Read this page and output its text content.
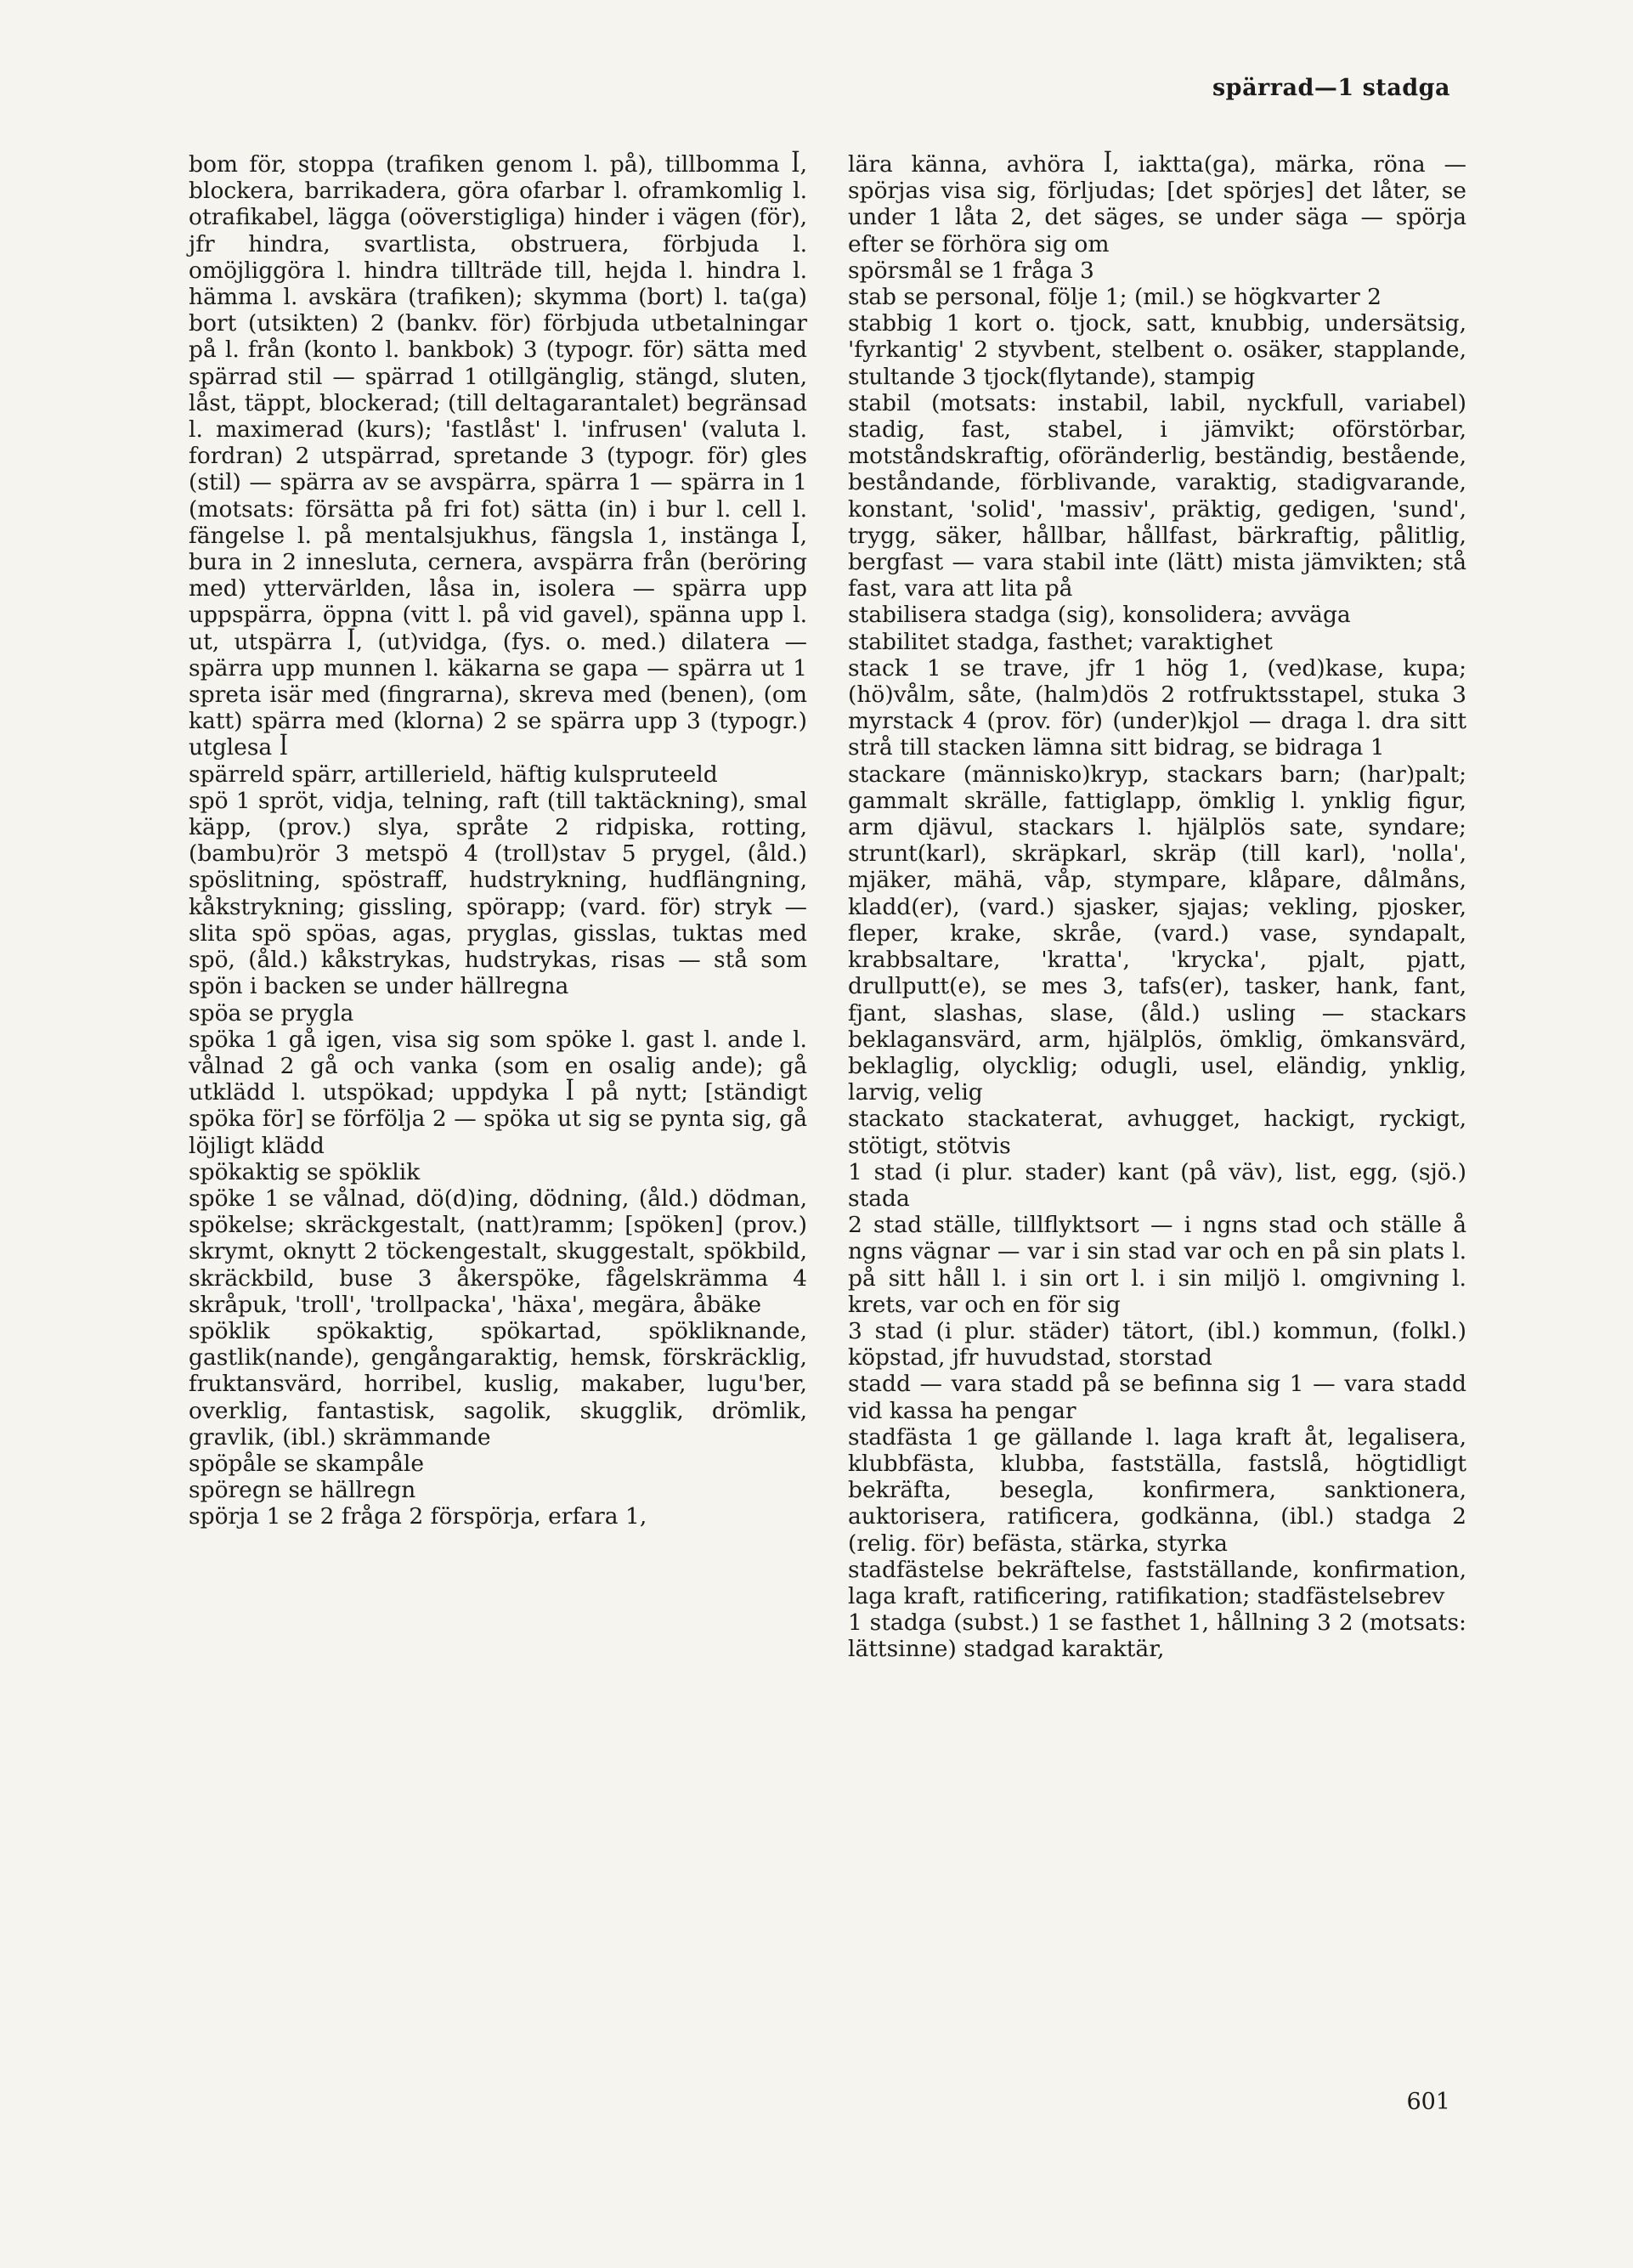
spärrad—1 stadga

bom för, stoppa (trafiken genom l. på), tillbomma ꟾ, blockera, barrikadera, göra ofarbar l. oframkomlig l. otrafikabel, lägga (oöverstigliga) hinder i vägen (för), jfr hindra, svartlista, obstruera, förbjuda l. omöjliggöra l. hindra tillträde till, hejda l. hindra l. hämma l. avskära (trafiken); skymma (bort) l. ta(ga) bort (utsikten) 2 (bankv. för) förbjuda utbetalningar på l. från (konto l. bankbok) 3 (typogr. för) sätta med spärrad stil — spärrad 1 otillgänglig, stängd, sluten, låst, täppt, blockerad; (till deltagarantalet) begränsad l. maximerad (kurs); 'fastlåst' l. 'infrusen' (valuta l. fordran) 2 utspärrad, spretande 3 (typogr. för) gles (stil) — spärra av se avspärra, spärra 1 — spärra in 1 (motsats: försätta på fri fot) sätta (in) i bur l. cell l. fängelse l. på mentalsjukhus, fängsla 1, instänga ꟾ, bura in 2 innesluta, cernera, avspärra från (beröring med) yttervärlden, låsa in, isolera — spärra upp uppspärra, öppna (vitt l. på vid gavel), spänna upp l. ut, utspärra ꟾ, (ut)vidga, (fys. o. med.) dilatera — spärra upp munnen l. käkarna se gapa — spärra ut 1 spreta isär med (fingrarna), skreva med (benen), (om katt) spärra med (klorna) 2 se spärra upp 3 (typogr.) utglesa ꟾ

spärreld spärr, artillerield, häftig kulspruteeld

spö 1 spröt, vidja, telning, raft (till taktäckning), smal käpp, (prov.) slya, språte 2 ridpiska, rotting, (bambu)rör 3 metspö 4 (troll)stav 5 prygel, (åld.) spöslitning, spöstraff, hudstrykning, hudflängning, kåkstrykning; gissling, spörapp; (vard. för) stryk — slita spö spöas, agas, pryglas, gisslas, tuktas med spö, (åld.) kåkstrykas, hudstrykas, risas — stå som spön i backen se under hällregna

spöa se prygla

spöka 1 gå igen, visa sig som spöke l. gast l. ande l. vålnad 2 gå och vanka (som en osalig ande); gå utklädd l. utspökad; uppdyka ꟾ på nytt; [ständigt spöka för] se förfölja 2 — spöka ut sig se pynta sig, gå löjligt klädd

spökaktig se spöklik

spöke 1 se vålnad, dö(d)ing, dödning, (åld.) dödman, spökelse; skräckgestalt, (natt)ramm; [spöken] (prov.) skrymt, oknytt 2 töckengestalt, skuggestalt, spökbild, skräckbild, buse 3 åkerspöke, fågelskrämma 4 skråpuk, 'troll', 'trollpacka', 'häxa', megära, åbäke

spöklik spökaktig, spökartad, spökliknande, gastlik(nande), gengångaraktig, hemsk, förskräcklig, fruktansvärd, horribel, kuslig, makaber, lugu'ber, overklig, fantastisk, sagolik, skugglik, drömlik, gravlik, (ibl.) skrämmande

spöpåle se skampåle

spöregn se hällregn

spörja 1 se 2 fråga 2 förspörja, erfara 1,

lära känna, avhöra ꟾ, iaktta(ga), märka, röna — spörjas visa sig, förljudas; [det spörjes] det låter, se under 1 låta 2, det säges, se under säga — spörja efter se förhöra sig om

spörsmål se 1 fråga 3

stab se personal, följe 1; (mil.) se högkvarter 2

stabbig 1 kort o. tjock, satt, knubbig, undersätsig, 'fyrkantig' 2 styvbent, stelbent o. osäker, stapplande, stultande 3 tjock(flytande), stampig

stabil (motsats: instabil, labil, nyckfull, variabel) stadig, fast, stabel, i jämvikt; oförstörbar, motståndskraftig, oföränderlig, beständig, bestående, beståndande, förblivande, varaktig, stadigvarande, konstant, 'solid', 'massiv', präktig, gedigen, 'sund', trygg, säker, hållbar, hållfast, bärkraftig, pålitlig, bergfast — vara stabil inte (lätt) mista jämvikten; stå fast, vara att lita på

stabilisera stadga (sig), konsolidera; avväga

stabilitet stadga, fasthet; varaktighet

stack 1 se trave, jfr 1 hög 1, (ved)kase, kupa; (hö)vålm, såte, (halm)dös 2 rotfruktsstapel, stuka 3 myrstack 4 (prov. för) (under)kjol — draga l. dra sitt strå till stacken lämna sitt bidrag, se bidraga 1

stackare (människo)kryp, stackars barn; (har)palt; gammalt skrälle, fattiglapp, ömklig l. ynklig figur, arm djävul, stackars l. hjälplös sate, syndare; strunt(karl), skräpkarl, skräp (till karl), 'nolla', mjäker, mähä, våp, stympare, klåpare, dålmåns, kladd(er), (vard.) sjasker, sjajas; vekling, pjosker, fleper, krake, skråe, (vard.) vase, syndapalt, krabbsaltare, 'kratta', 'krycka', pjalt, pjatt, drullputt(e), se mes 3, tafs(er), tasker, hank, fant, fjant, slashas, slase, (åld.) usling — stackars beklagansvärd, arm, hjälplös, ömklig, ömkansvärd, beklaglig, olycklig; odugli, usel, eländig, ynklig, larvig, velig

stackato stackaterat, avhugget, hackigt, ryckigt, stötigt, stötvis

1 stad (i plur. stader) kant (på väv), list, egg, (sjö.) stada

2 stad ställe, tillflyktsort — i ngns stad och ställe å ngns vägnar — var i sin stad var och en på sin plats l. på sitt håll l. i sin ort l. i sin miljö l. omgivning l. krets, var och en för sig

3 stad (i plur. städer) tätort, (ibl.) kommun, (folkl.) köpstad, jfr huvudstad, storstad

stadd — vara stadd på se befinna sig 1 — vara stadd vid kassa ha pengar

stadfästa 1 ge gällande l. laga kraft åt, legalisera, klubbfästa, klubba, fastställa, fastslå, högtidligt bekräfta, besegla, konfirmera, sanktionera, auktorisera, ratificera, godkänna, (ibl.) stadga 2 (relig. för) befästa, stärka, styrka

stadfästelse bekräftelse, fastställande, konfirmation, laga kraft, ratificering, ratifikation; stadfästelsebrev

1 stadga (subst.) 1 se fasthet 1, hållning 3 2 (motsats: lättsinne) stadgad karaktär,

601
